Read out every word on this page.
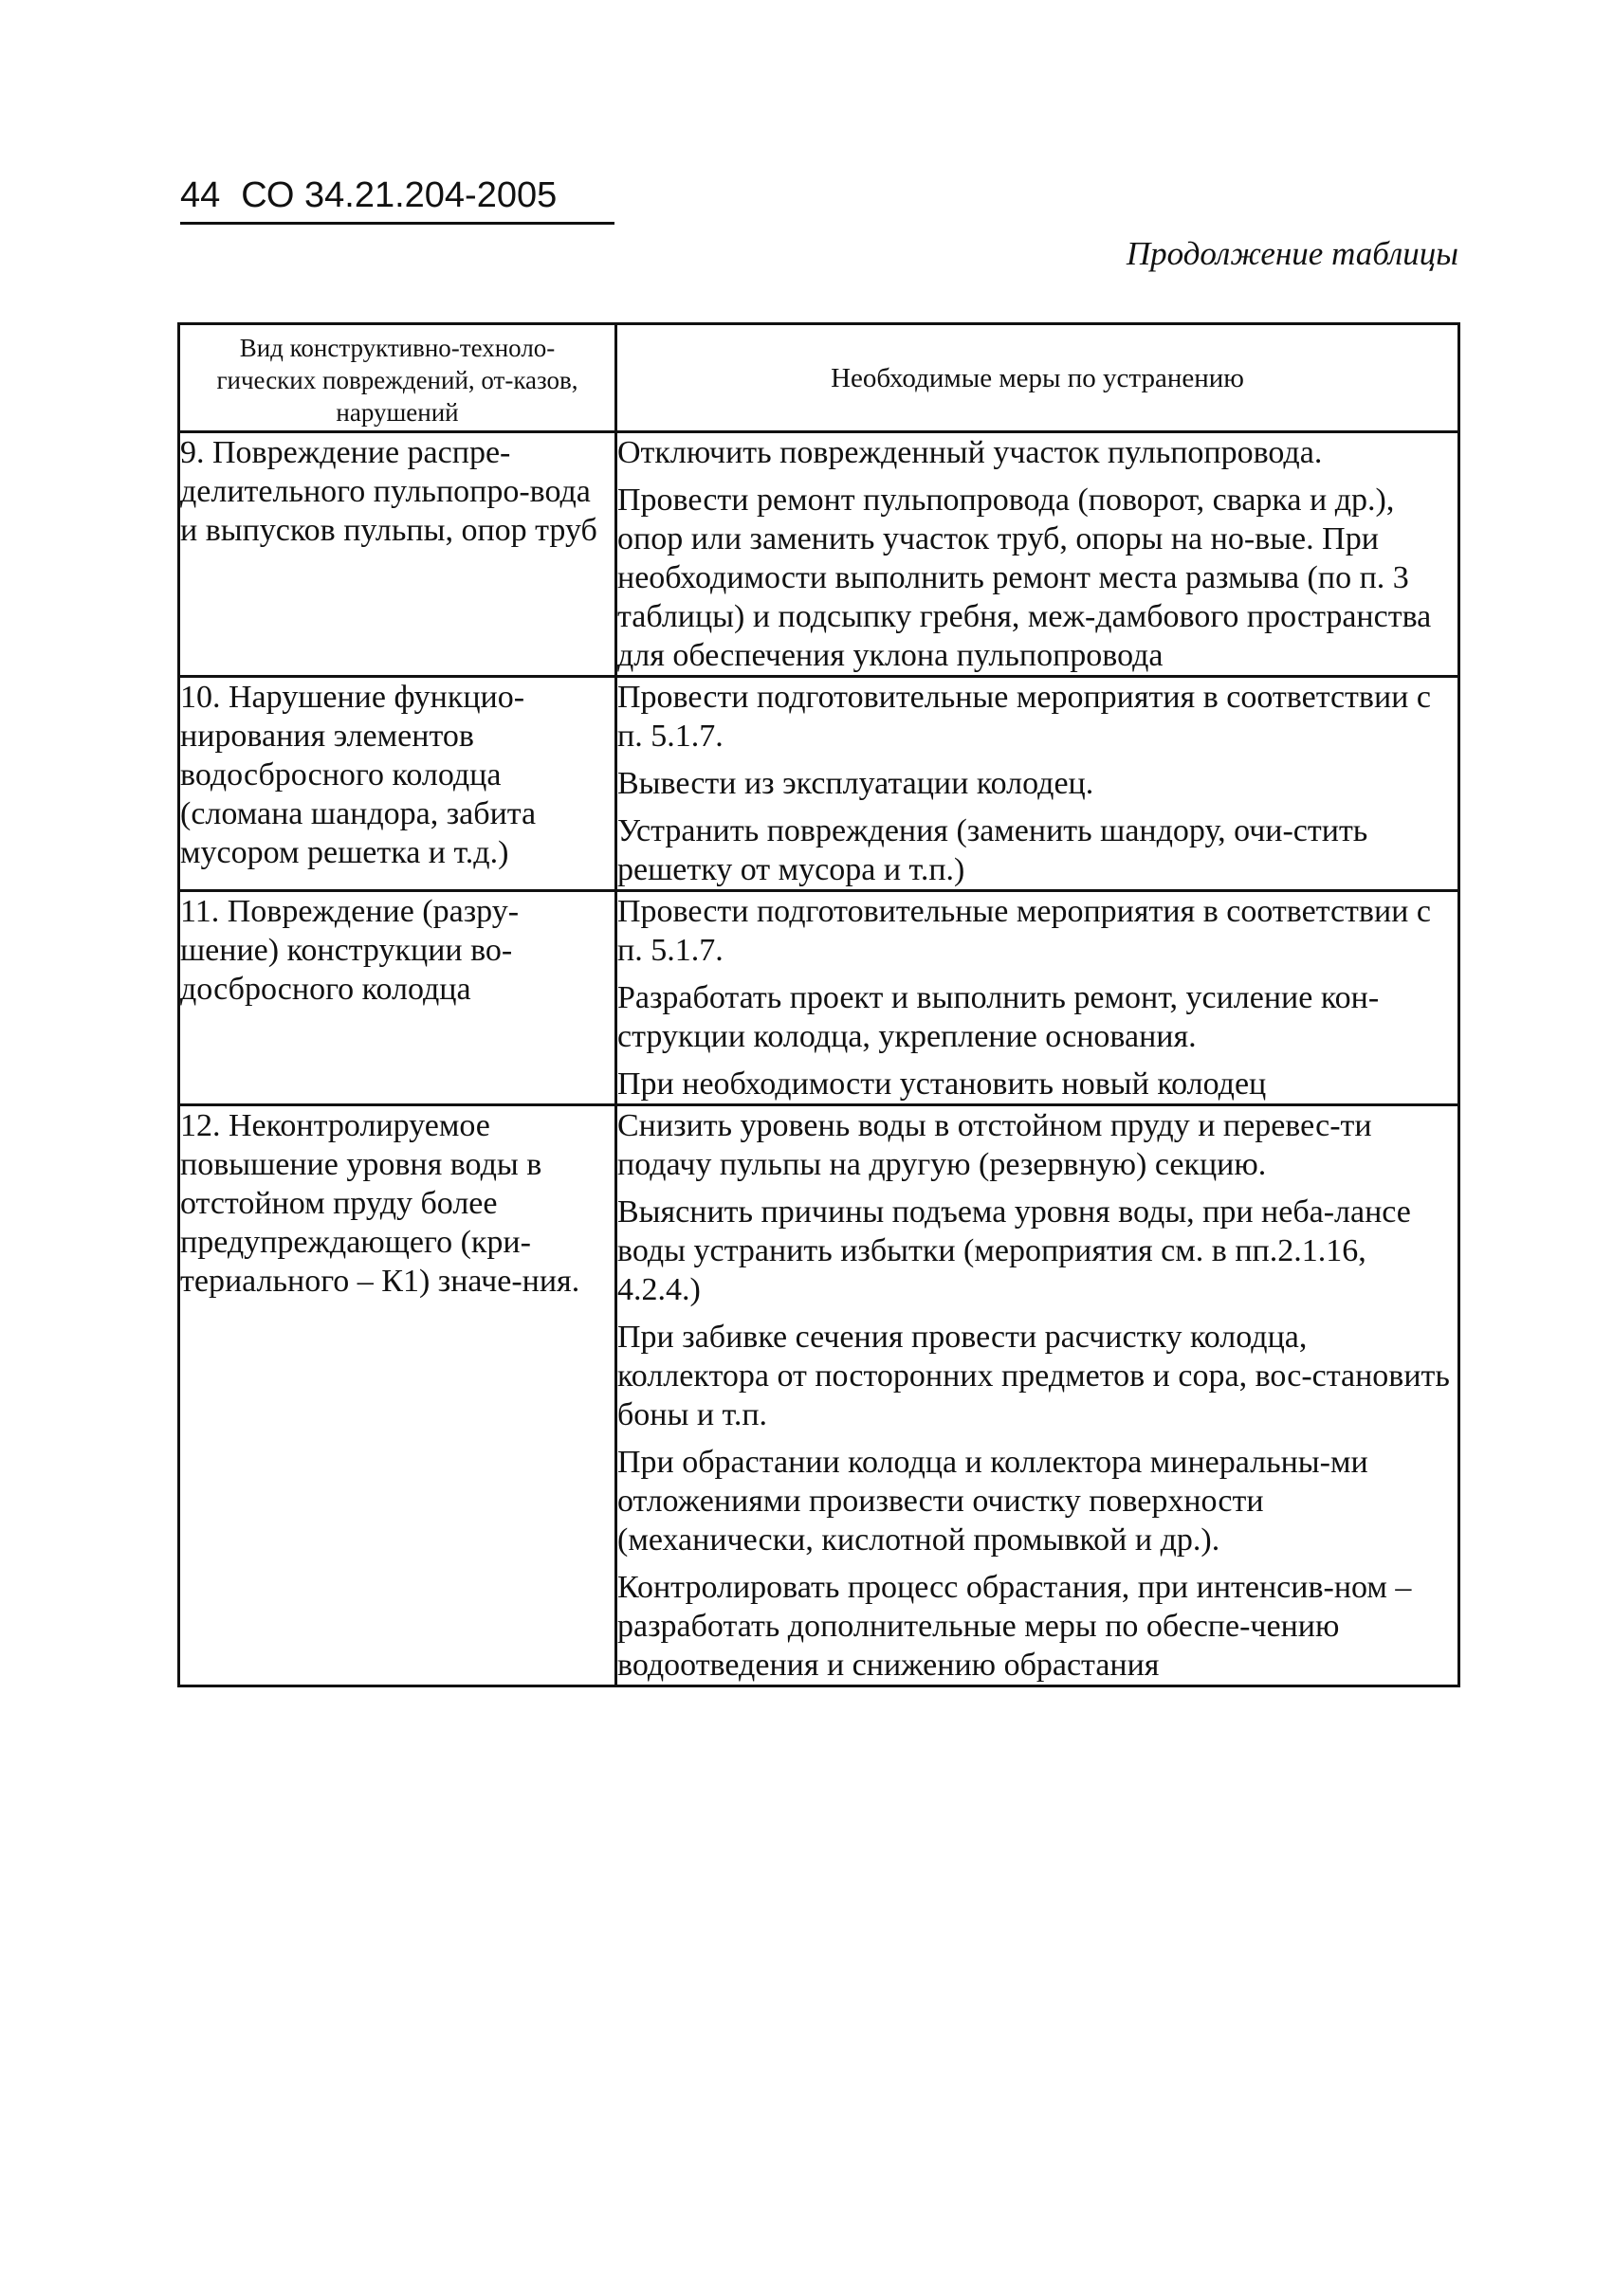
44 СО 34.21.204-2005
Продолжение таблицы
Вид конструктивно-техноло-гических повреждений, от-казов, нарушений	Необходимые меры по устранению

9. Повреждение распре-делительного пульпопро-вода и выпусков пульпы, опор труб	Отключить поврежденный участок пульпопровода.

Провести ремонт пульпопровода (поворот, сварка и др.), опор или заменить участок труб, опоры на но-вые. При необходимости выполнить ремонт места размыва (по п. 3 таблицы) и подсыпку гребня, меж-дамбового пространства для обеспечения уклона пульпопровода

10. Нарушение функцио-нирования элементов водосбросного колодца (сломана шандора, забита мусором решетка и т.д.)	Провести подготовительные мероприятия в соответствии с п. 5.1.7.

Вывести из эксплуатации колодец.

Устранить повреждения (заменить шандору, очи-стить решетку от мусора и т.п.)

11. Повреждение (разру-шение) конструкции во-досбросного колодца	Провести подготовительные мероприятия в соответствии с п. 5.1.7.

Разработать проект и выполнить ремонт, усиление кон-струкции колодца, укрепление основания.

При необходимости установить новый колодец

12. Неконтролируемое повышение уровня воды в отстойном пруду более предупреждающего (кри-териального – К1) значе-ния.	Снизить уровень воды в отстойном пруду и перевес-ти подачу пульпы на другую (резервную) секцию.

Выяснить причины подъема уровня воды, при неба-лансе воды устранить избытки (мероприятия см. в пп.2.1.16, 4.2.4.)

При забивке сечения провести расчистку колодца, коллектора от посторонних предметов и сора, вос-становить боны и т.п.

При обрастании колодца и коллектора минеральны-ми отложениями произвести очистку поверхности (механически, кислотной промывкой и др.).

Контролировать процесс обрастания, при интенсив-ном – разработать дополнительные меры по обеспе-чению водоотведения и снижению обрастания
